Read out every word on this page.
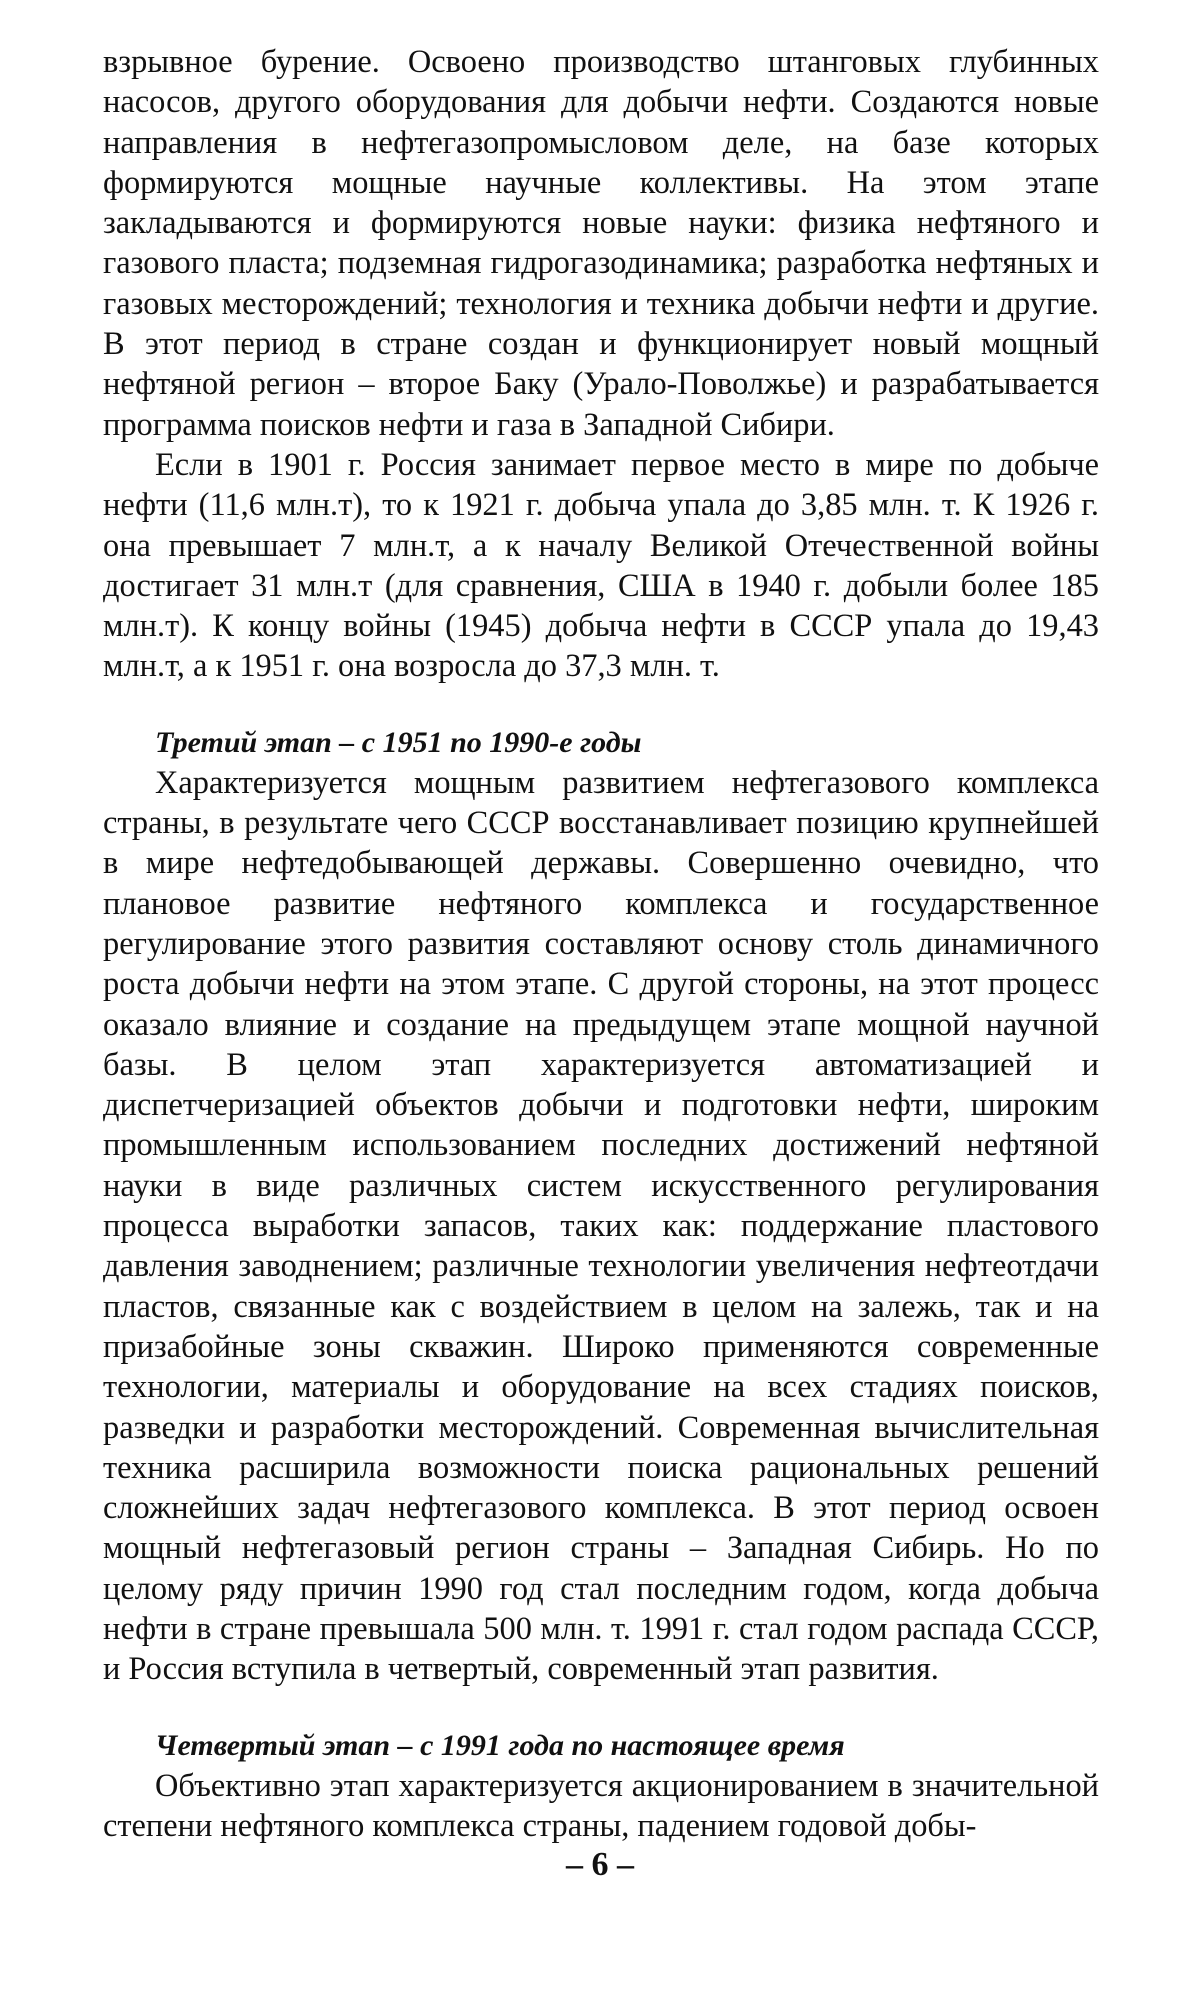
взрывное бурение. Освоено производство штанговых глубинных насосов, другого оборудования для добычи нефти. Создаются новые направления в нефтегазопромысловом деле, на базе которых формируются мощные научные коллективы. На этом этапе закладываются и формируются новые науки: физика нефтяного и газового пласта; подземная гидрогазодинамика; разработка нефтяных и газовых месторождений; технология и техника добычи нефти и другие. В этот период в стране создан и функционирует новый мощный нефтяной регион – второе Баку (Урало-Поволжье) и разрабатывается программа поисков нефти и газа в Западной Сибири.

Если в 1901 г. Россия занимает первое место в мире по добыче нефти (11,6 млн.т), то к 1921 г. добыча упала до 3,85 млн. т. К 1926 г. она превышает 7 млн.т, а к началу Великой Отечественной войны достигает 31 млн.т (для сравнения, США в 1940 г. добыли более 185 млн.т). К концу войны (1945) добыча нефти в СССР упала до 19,43 млн.т, а к 1951 г. она возросла до 37,3 млн. т.

Третий этап – с 1951 по 1990-е годы

Характеризуется мощным развитием нефтегазового комплекса страны, в результате чего СССР восстанавливает позицию крупнейшей в мире нефтедобывающей державы. Совершенно очевидно, что плановое развитие нефтяного комплекса и государственное регулирование этого развития составляют основу столь динамичного роста добычи нефти на этом этапе. С другой стороны, на этот процесс оказало влияние и создание на предыдущем этапе мощной научной базы. В целом этап характеризуется автоматизацией и диспетчеризацией объектов добычи и подготовки нефти, широким промышленным использованием последних достижений нефтяной науки в виде различных систем искусственного регулирования процесса выработки запасов, таких как: поддержание пластового давления заводнением; различные технологии увеличения нефтеотдачи пластов, связанные как с воздействием в целом на залежь, так и на призабойные зоны скважин. Широко применяются современные технологии, материалы и оборудование на всех стадиях поисков, разведки и разработки месторождений. Современная вычислительная техника расширила возможности поиска рациональных решений сложнейших задач нефтегазового комплекса. В этот период освоен мощный нефтегазовый регион страны – Западная Сибирь. Но по целому ряду причин 1990 год стал последним годом, когда добыча нефти в стране превышала 500 млн. т. 1991 г. стал годом распада СССР, и Россия вступила в четвертый, современный этап развития.

Четвертый этап – с 1991 года по настоящее время

Объективно этап характеризуется акционированием в значительной степени нефтяного комплекса страны, падением годовой добы-

– 6 –
